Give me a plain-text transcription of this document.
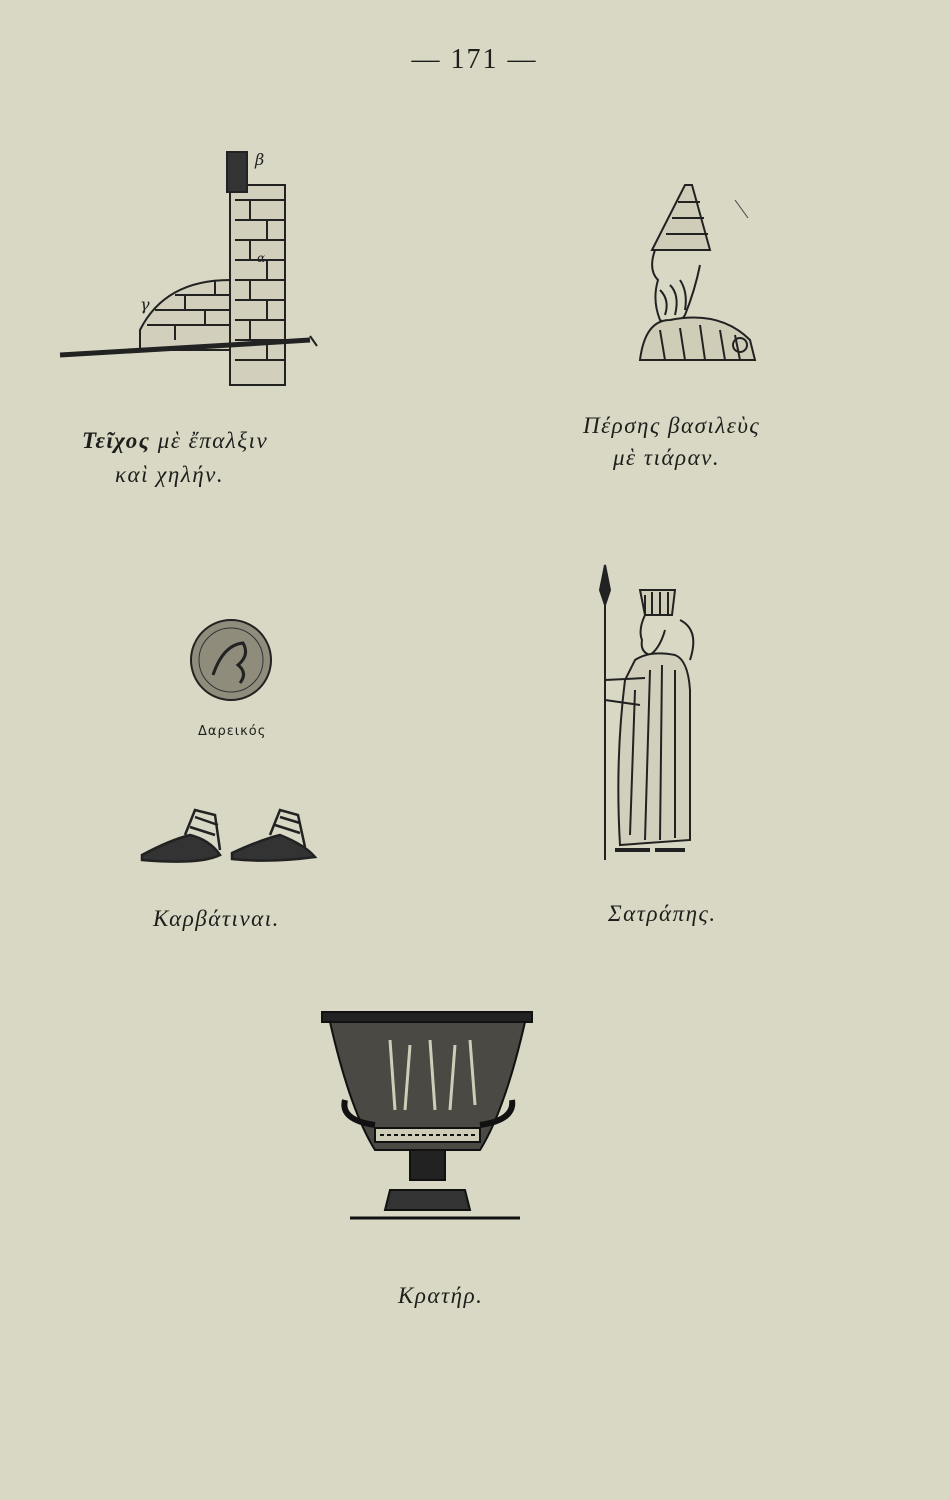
— 171 —
β
γ
α
Τεῖχος μὲ ἔπαλξιν
καὶ χηλήν.
Πέρσης βασιλεὺς
μὲ τιάραν.
Δαρεικός
Καρβάτιναι.	Σατράπης.
Κρατήρ.
